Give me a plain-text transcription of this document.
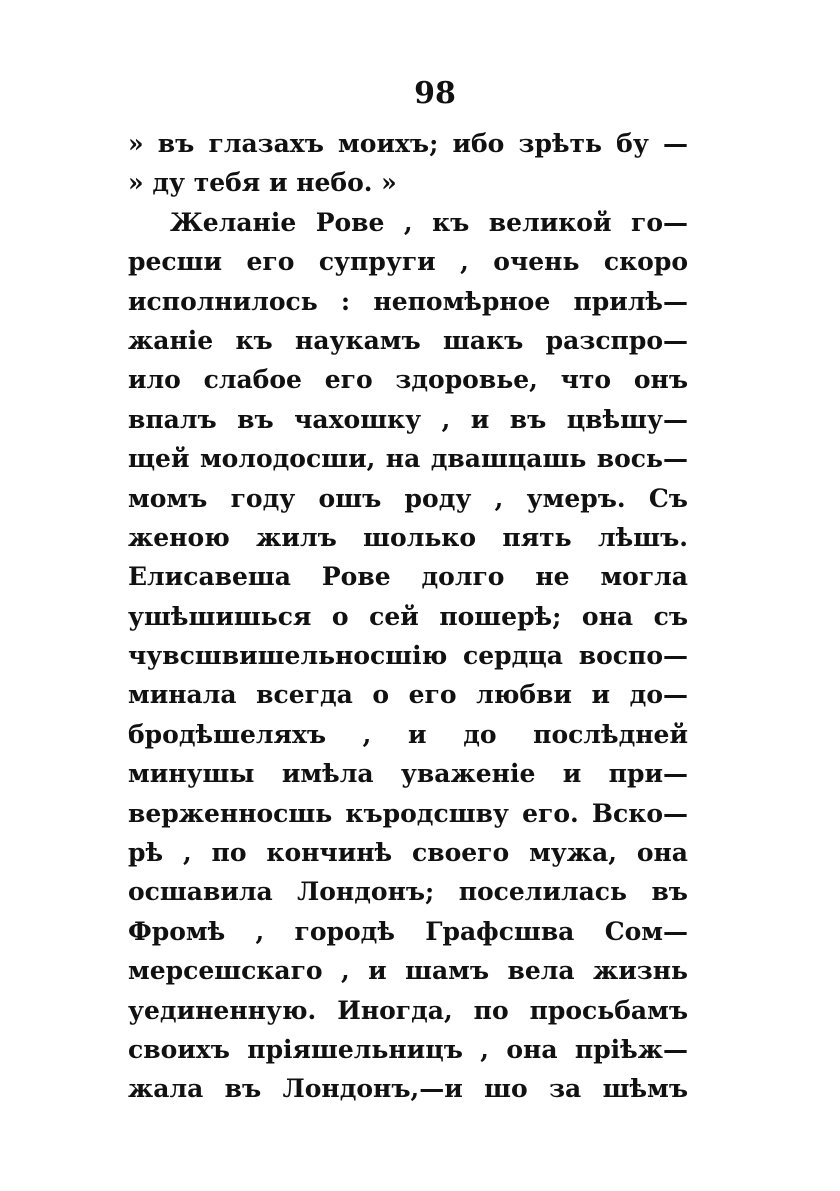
98
» въ глазахъ моихъ; ибо зрѣть бу —
» ду тебя и небо. »
Желаніе Рове , къ великой го—
ресши его супруги , очень скоро
исполнилось : непомѣрное прилѣ—
жаніе къ наукамъ шакъ разспро—
ило слабое его здоровье, что онъ
впалъ въ чахошку , и въ цвѣшу—
щей молодосши, на двашцашь вось—
момъ году ошъ роду , умеръ. Съ
женою жилъ шолько пять лѣшъ.
Елисавеша Рове долго не могла
ушѣшишься о сей пошерѣ; она съ
чувсшвишельносшію сердца воспо—
минала всегда о его любви и до—
бродѣшеляхъ , и до послѣдней
минушы имѣла уваженіе и при—
верженносшь къродсшву его. Вско—
рѣ , по кончинѣ своего мужа, она
осшавила Лондонъ; поселилась въ
Фромѣ , городѣ Графсшва Сом—
мерсешскаго , и шамъ вела жизнь
уединенную. Иногда, по просьбамъ
своихъ пріяшельницъ , она пріѣж—
жала въ Лондонъ,—и шо за шѣмъ
